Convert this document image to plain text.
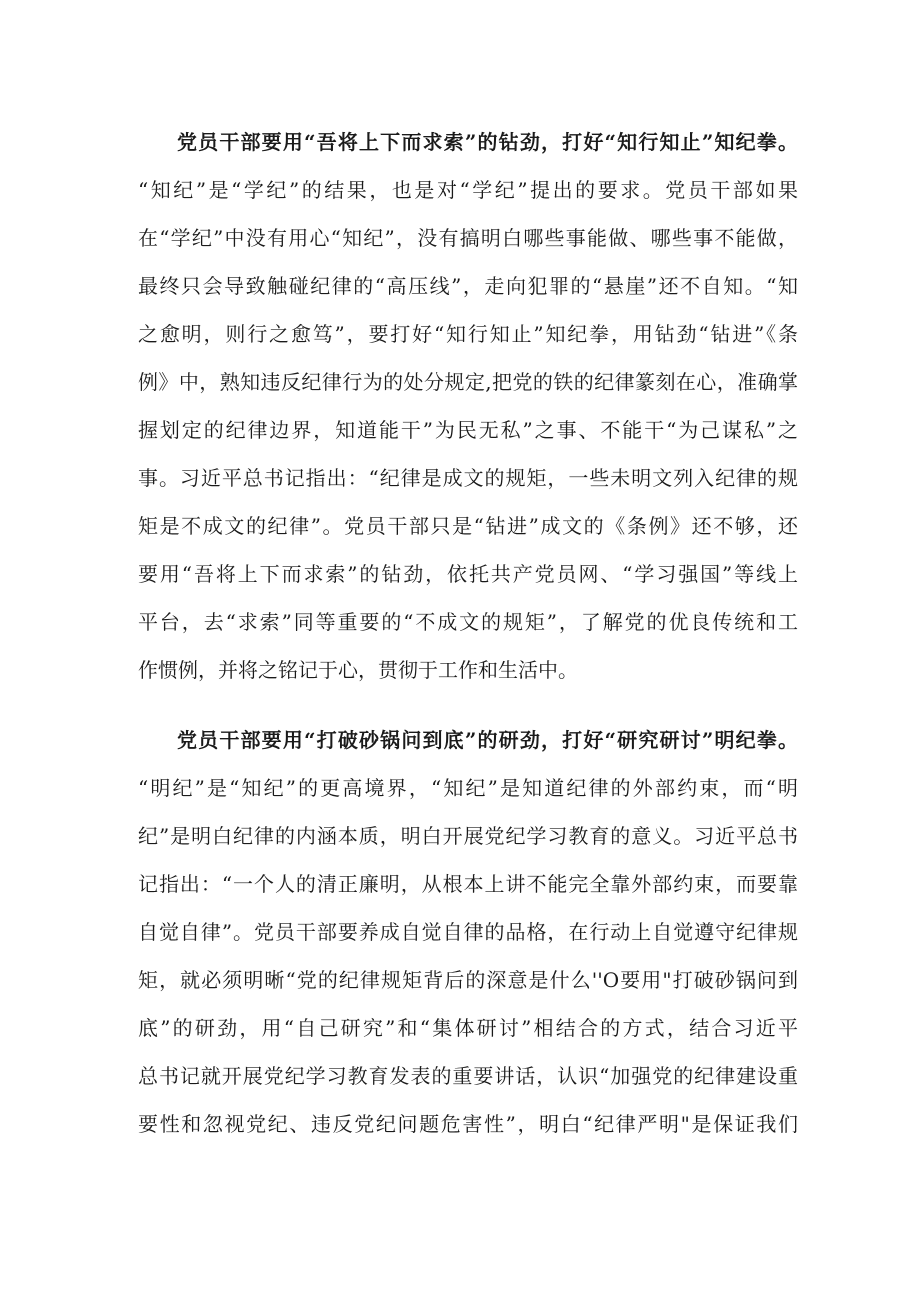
党员干部要用“吾将上下而求索”的钻劲，打好“知行知止”知纪拳。
“知纪”是“学纪”的结果，也是对“学纪”提出的要求。党员干部如果
在“学纪”中没有用心“知纪”，没有搞明白哪些事能做、哪些事不能做，
最终只会导致触碰纪律的“高压线”，走向犯罪的“悬崖”还不自知。“知
之愈明，则行之愈笃”，要打好“知行知止”知纪拳，用钻劲“钻进”《条
例》中，熟知违反纪律行为的处分规定,把党的铁的纪律篆刻在心，准确掌
握划定的纪律边界，知道能干”为民无私”之事、不能干“为己谋私”之
事。习近平总书记指出：“纪律是成文的规矩，一些未明文列入纪律的规
矩是不成文的纪律”。党员干部只是“钻进”成文的《条例》还不够，还
要用“吾将上下而求索”的钻劲，依托共产党员网、“学习强国”等线上
平台，去“求索”同等重要的“不成文的规矩”，了解党的优良传统和工
作惯例，并将之铭记于心，贯彻于工作和生活中。
党员干部要用“打破砂锅问到底”的研劲，打好“研究研讨”明纪拳。
“明纪”是“知纪”的更高境界，“知纪”是知道纪律的外部约束，而“明
纪”是明白纪律的内涵本质，明白开展党纪学习教育的意义。习近平总书
记指出：“一个人的清正廉明，从根本上讲不能完全靠外部约束，而要靠
自觉自律”。党员干部要养成自觉自律的品格，在行动上自觉遵守纪律规
矩，就必须明晰“党的纪律规矩背后的深意是什么''O要用"打破砂锅问到
底”的研劲，用“自己研究”和“集体研讨”相结合的方式，结合习近平
总书记就开展党纪学习教育发表的重要讲话，认识“加强党的纪律建设重
要性和忽视党纪、违反党纪问题危害性”，明白“纪律严明"是保证我们
